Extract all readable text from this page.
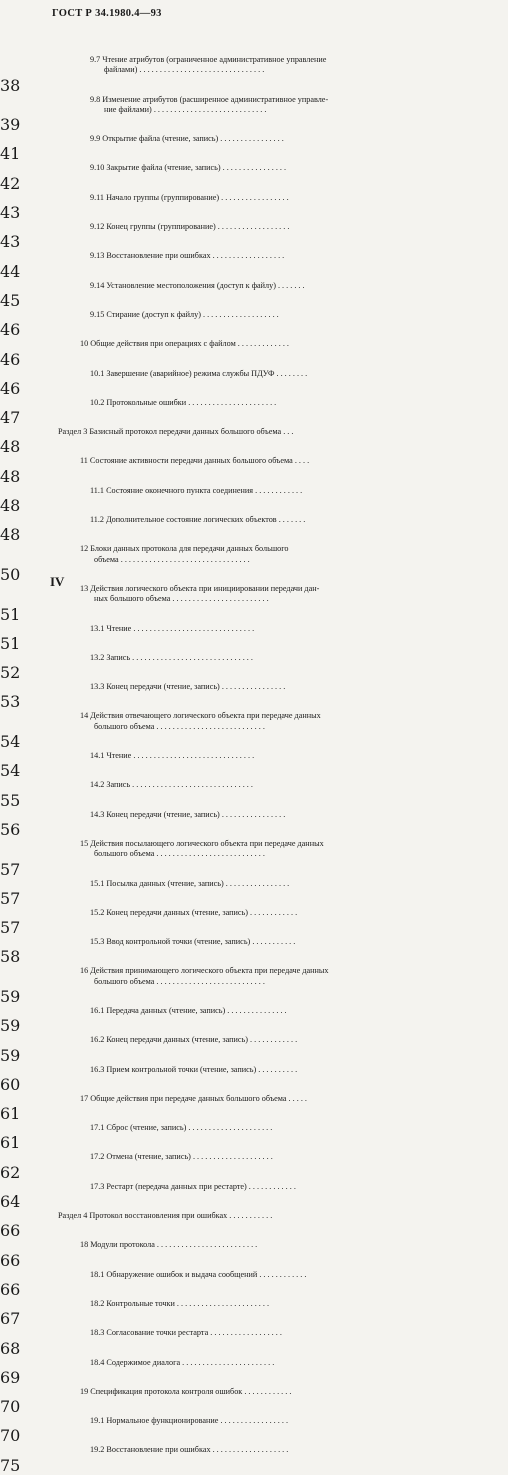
ГОСТ Р 34.1980.4—93
9.7 Чтение атрибутов (ограниченное административное управление
файлами) . . . . . . . . . . . . . . . . . . . . . . . . . . . . . . .
38
9.8 Изменение атрибутов (расширенное административное управле-
ние файлами) . . . . . . . . . . . . . . . . . . . . . . . . . . . .
39
9.9 Открытие файла (чтение, запись) . . . . . . . . . . . . . . . .
41
9.10 Закрытие файла (чтение, запись) . . . . . . . . . . . . . . . .
42
9.11 Начало группы (группирование) . . . . . . . . . . . . . . . . .
43
9.12 Конец группы (группирование) . . . . . . . . . . . . . . . . . .
43
9.13 Восстановление при ошибках . . . . . . . . . . . . . . . . . .
44
9.14 Установление местоположения (доступ к файлу) . . . . . . .
45
9.15 Стирание (доступ к файлу) . . . . . . . . . . . . . . . . . . .
46
10 Общие действия при операциях с файлом . . . . . . . . . . . . .
46
10.1 Завершение (аварийное) режима службы ПДУФ . . . . . . . .
46
10.2 Протокольные ошибки . . . . . . . . . . . . . . . . . . . . . .
47
Раздел 3 Базисный протокол передачи данных большого объема . . .
48
11 Состояние активности передачи данных большого объема . . . .
48
11.1 Состояние оконечного пункта соединения . . . . . . . . . . . .
48
11.2 Дополнительное состояние логических объектов . . . . . . .
48
12 Блоки данных протокола для передачи данных большого
объема . . . . . . . . . . . . . . . . . . . . . . . . . . . . . . . .
50
13 Действия логического объекта при инициировании передачи дан-
ных большого объема . . . . . . . . . . . . . . . . . . . . . . . .
51
13.1 Чтение . . . . . . . . . . . . . . . . . . . . . . . . . . . . . .
51
13.2 Запись . . . . . . . . . . . . . . . . . . . . . . . . . . . . . .
52
13.3 Конец передачи (чтение, запись) . . . . . . . . . . . . . . . .
53
14 Действия отвечающего логического объекта при передаче данных
большого объема . . . . . . . . . . . . . . . . . . . . . . . . . . .
54
14.1 Чтение . . . . . . . . . . . . . . . . . . . . . . . . . . . . . .
54
14.2 Запись . . . . . . . . . . . . . . . . . . . . . . . . . . . . . .
55
14.3 Конец передачи (чтение, запись) . . . . . . . . . . . . . . . .
56
15 Действия посылающего логического объекта при передаче данных
большого объема . . . . . . . . . . . . . . . . . . . . . . . . . . .
57
15.1 Посылка данных (чтение, запись) . . . . . . . . . . . . . . . .
57
15.2 Конец передачи данных (чтение, запись) . . . . . . . . . . . .
57
15.3 Ввод контрольной точки (чтение, запись) . . . . . . . . . . .
58
16 Действия принимающего логического объекта при передаче данных
большого объема . . . . . . . . . . . . . . . . . . . . . . . . . . .
59
16.1 Передача данных (чтение, запись) . . . . . . . . . . . . . . .
59
16.2 Конец передачи данных (чтение, запись) . . . . . . . . . . . .
59
16.3 Прием контрольной точки (чтение, запись) . . . . . . . . . .
60
17 Общие действия при передаче данных большого объема . . . . .
61
17.1 Сброс (чтение, запись) . . . . . . . . . . . . . . . . . . . . .
61
17.2 Отмена (чтение, запись) . . . . . . . . . . . . . . . . . . . .
62
17.3 Рестарт (передача данных при рестарте) . . . . . . . . . . . .
64
Раздел 4 Протокол восстановления при ошибках . . . . . . . . . . .
66
18 Модули протокола . . . . . . . . . . . . . . . . . . . . . . . . .
66
18.1 Обнаружение ошибок и выдача сообщений . . . . . . . . . . . .
66
18.2 Контрольные точки . . . . . . . . . . . . . . . . . . . . . . .
67
18.3 Согласование точки рестарта . . . . . . . . . . . . . . . . . .
68
18.4 Содержимое диалога . . . . . . . . . . . . . . . . . . . . . . .
69
19 Спецификация протокола контроля ошибок . . . . . . . . . . . .
70
19.1 Нормальное функционирование . . . . . . . . . . . . . . . . .
70
19.2 Восстановление при ошибках . . . . . . . . . . . . . . . . . . .
75
IV
